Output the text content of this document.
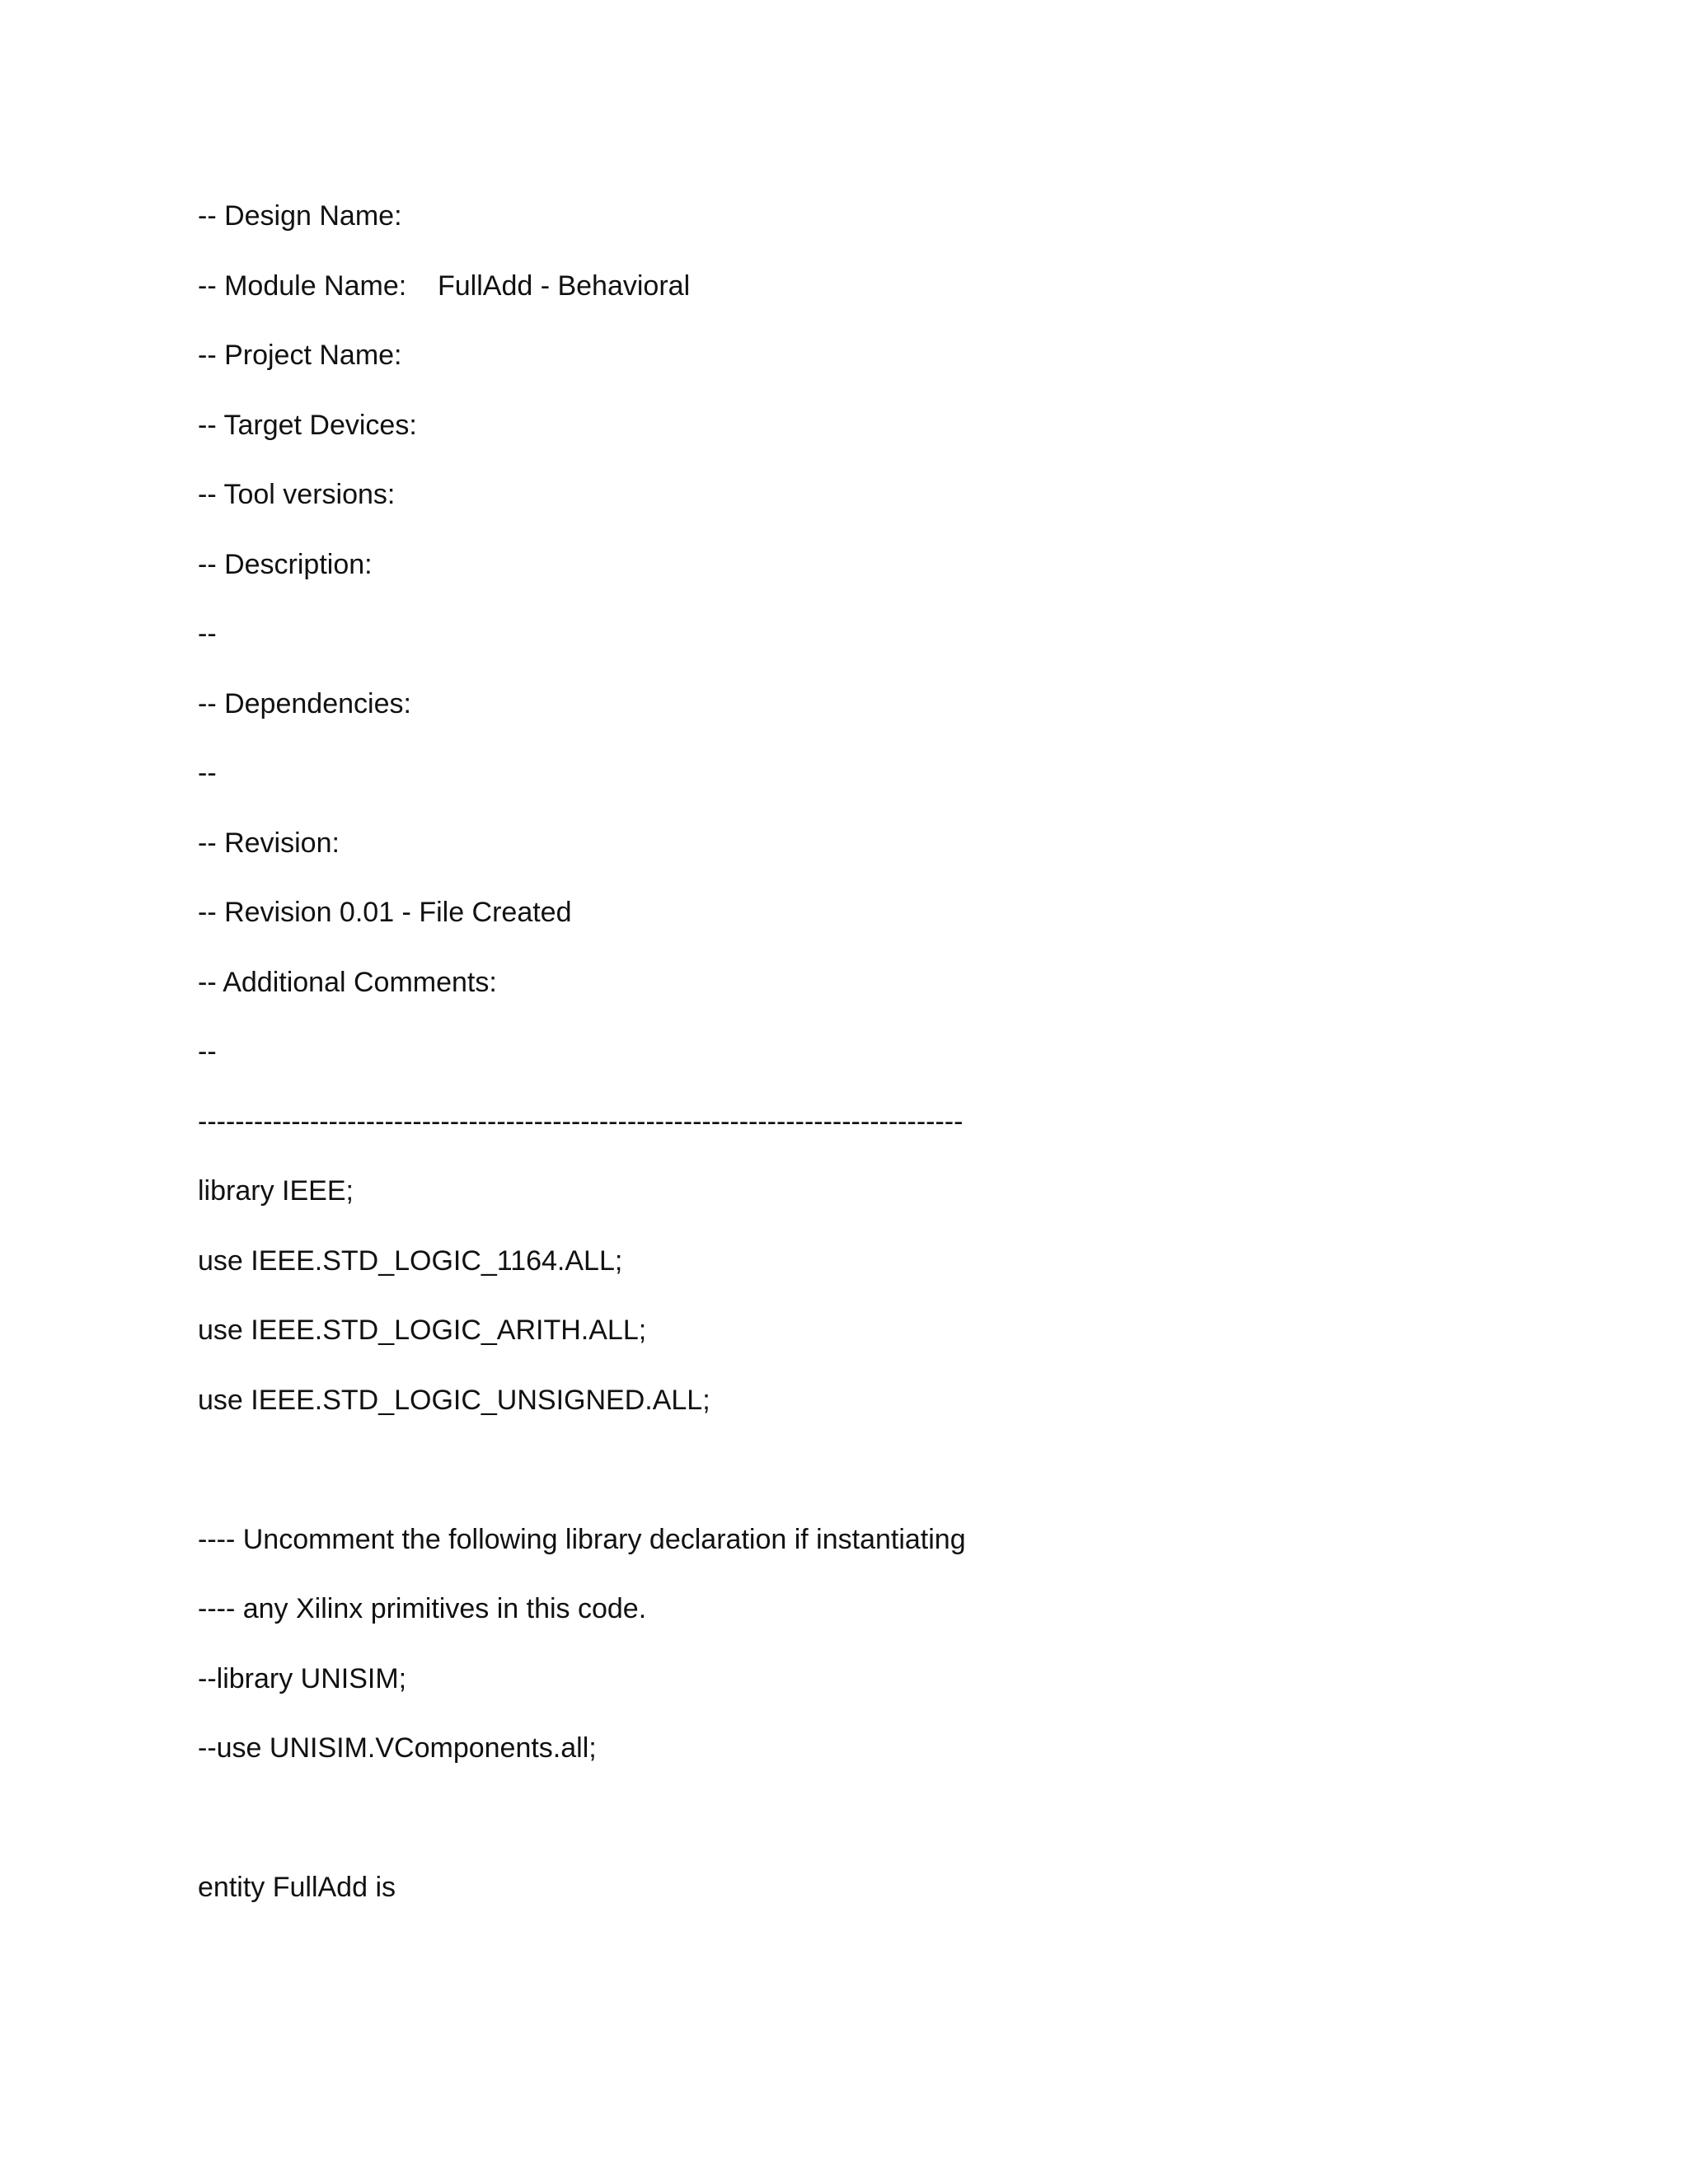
-- Design Name:

-- Module Name:    FullAdd - Behavioral

-- Project Name:

-- Target Devices:

-- Tool versions:

-- Description:

--

-- Dependencies:

--

-- Revision:

-- Revision 0.01 - File Created

-- Additional Comments:

--

----------------------------------------------------------------------------------

library IEEE;

use IEEE.STD_LOGIC_1164.ALL;

use IEEE.STD_LOGIC_ARITH.ALL;

use IEEE.STD_LOGIC_UNSIGNED.ALL;

---- Uncomment the following library declaration if instantiating

---- any Xilinx primitives in this code.

--library UNISIM;

--use UNISIM.VComponents.all;

entity FullAdd is
